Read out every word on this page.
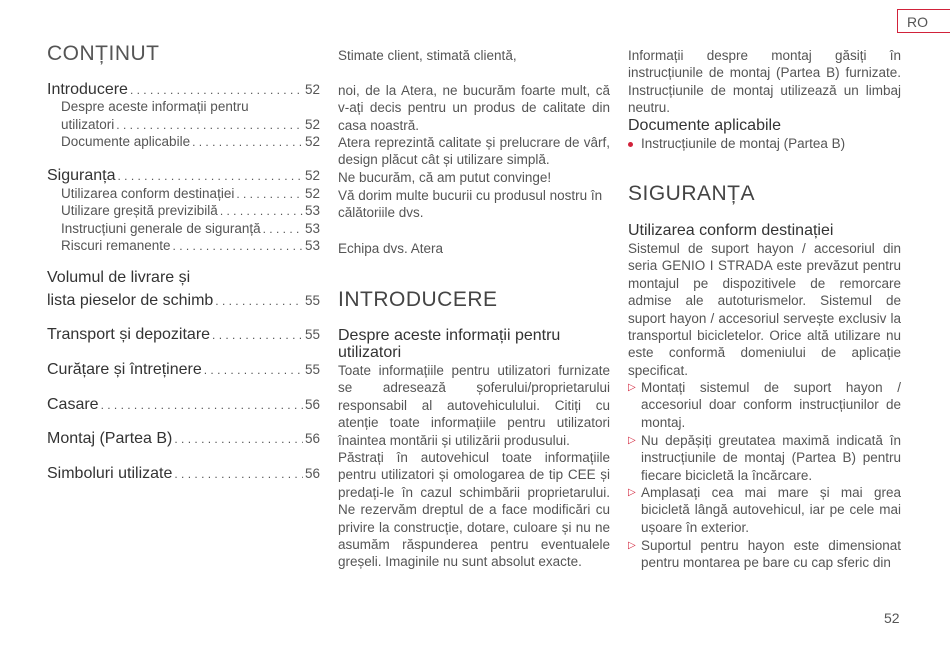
RO
CONȚINUT
Introducere . . .	52
Despre aceste informații pentru
utilizatori . . .	52
Documente aplicabile . . .	52
Siguranța . . .	52
Utilizarea conform destinației . . .	52
Utilizare greșită previzibilă . . .	53
Instrucțiuni generale de siguranță . . .	53
Riscuri remanente . . .	53
Volumul de livrare și
lista pieselor de schimb . . .	55
Transport și depozitare . . .	55
Curățare și întreținere . . .	55
Casare . . .	56
Montaj (Partea B) . . .	56
Simboluri utilizate . . .	56
Stimate client, stimată clientă,
noi, de la Atera, ne bucurăm foarte mult, că v-ați decis pentru un produs de calitate din casa noastră.
Atera reprezintă calitate și prelucrare de vârf, design plăcut cât și utilizare simplă.
Ne bucurăm, că am putut convinge!
Vă dorim multe bucurii cu produsul nostru în călătoriile dvs.
Echipa dvs. Atera
INTRODUCERE
Despre aceste informații pentru utilizatori
Toate informațiile pentru utilizatori furnizate se adresează șoferului/proprietarului responsabil al autovehiculului. Citiți cu atenție toate informațiile pentru utilizatori înaintea montării și utilizării produsului.
Păstrați în autovehicul toate informațiile pentru utilizatori și omologarea de tip CEE și predați-le în cazul schimbării proprietarului. Ne rezervăm dreptul de a face modificări cu privire la construcție, dotare, culoare și nu ne asumăm răspunderea pentru eventualele greșeli. Imaginile nu sunt absolut exacte.
Informații despre montaj găsiți în instrucțiunile de montaj (Partea B) furnizate. Instrucțiunile de montaj utilizează un limbaj neutru.
Documente aplicabile
Instrucțiunile de montaj (Partea B)
SIGURANȚA
Utilizarea conform destinației
Sistemul de suport hayon / accesoriul din seria GENIO I STRADA este prevăzut pentru montajul pe dispozitivele de remorcare admise ale autoturismelor. Sistemul de suport hayon / accesoriul servește exclusiv la transportul bicicletelor. Orice altă utilizare nu este conformă domeniului de aplicație specificat.
▷ Montați sistemul de suport hayon / accesoriul doar conform instrucțiunilor de montaj.
▷ Nu depășiți greutatea maximă indicată în instrucțiunile de montaj (Partea B) pentru fiecare bicicletă la încărcare.
▷ Amplasați cea mai mare și mai grea bicicletă lângă autovehicul, iar pe cele mai ușoare în exterior.
▷ Suportul pentru hayon este dimensionat pentru montarea pe bare cu cap sferic din
52
